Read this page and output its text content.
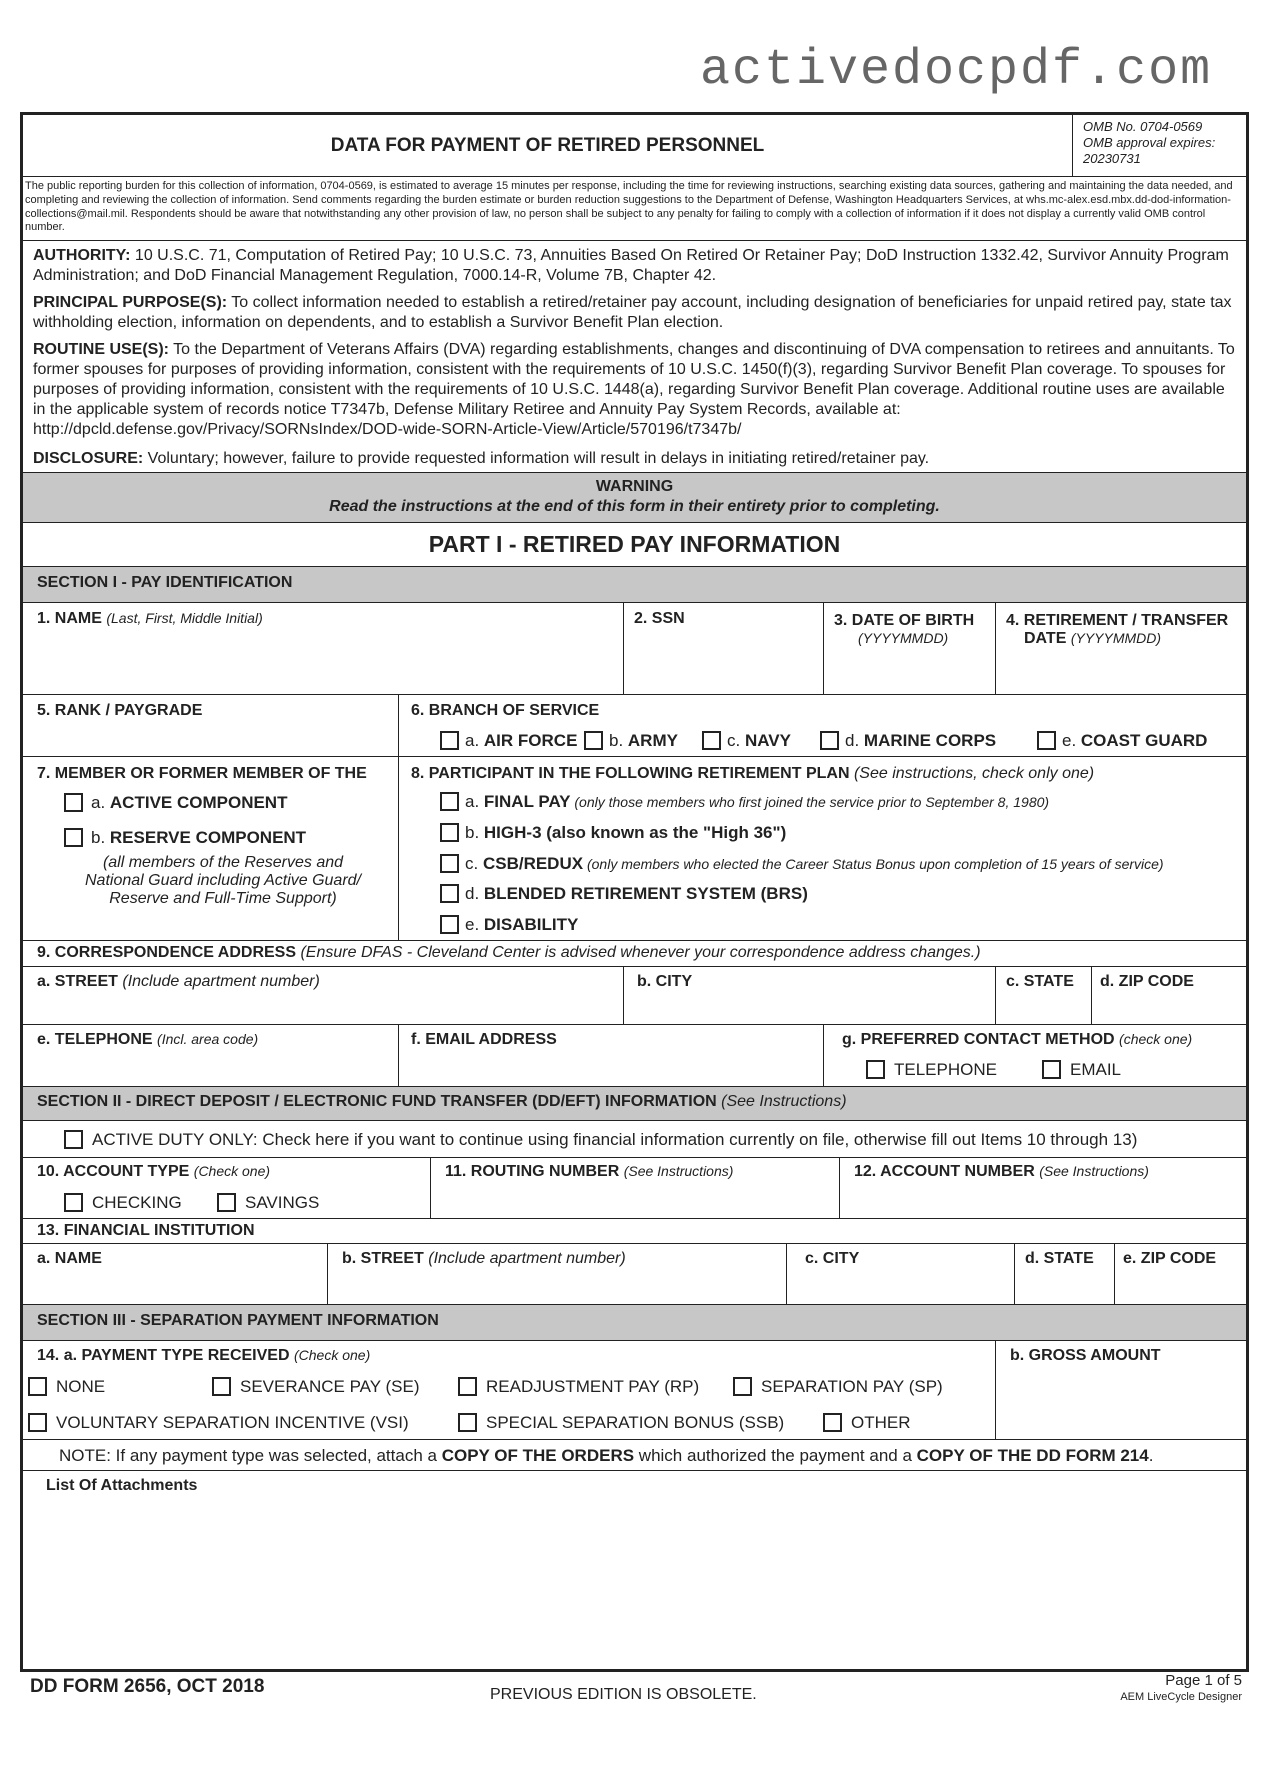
activedocpdf.com
DATA FOR PAYMENT OF RETIRED PERSONNEL
OMB No. 0704-0569
OMB approval expires:
20230731
The public reporting burden for this collection of information, 0704-0569, is estimated to average 15 minutes per response, including the time for reviewing instructions, searching existing data sources, gathering and maintaining the data needed, and completing and reviewing the collection of information. Send comments regarding the burden estimate or burden reduction suggestions to the Department of Defense, Washington Headquarters Services, at whs.mc-alex.esd.mbx.dd-dod-information-collections@mail.mil. Respondents should be aware that notwithstanding any other provision of law, no person shall be subject to any penalty for failing to comply with a collection of information if it does not display a currently valid OMB control number.
AUTHORITY: 10 U.S.C. 71, Computation of Retired Pay; 10 U.S.C. 73, Annuities Based On Retired Or Retainer Pay; DoD Instruction 1332.42, Survivor Annuity Program Administration; and DoD Financial Management Regulation, 7000.14-R, Volume 7B, Chapter 42.
PRINCIPAL PURPOSE(S): To collect information needed to establish a retired/retainer pay account, including designation of beneficiaries for unpaid retired pay, state tax withholding election, information on dependents, and to establish a Survivor Benefit Plan election.
ROUTINE USE(S): To the Department of Veterans Affairs (DVA) regarding establishments, changes and discontinuing of DVA compensation to retirees and annuitants. To former spouses for purposes of providing information, consistent with the requirements of 10 U.S.C. 1450(f)(3), regarding Survivor Benefit Plan coverage. To spouses for purposes of providing information, consistent with the requirements of 10 U.S.C. 1448(a), regarding Survivor Benefit Plan coverage. Additional routine uses are available in the applicable system of records notice T7347b, Defense Military Retiree and Annuity Pay System Records, available at: http://dpcld.defense.gov/Privacy/SORNsIndex/DOD-wide-SORN-Article-View/Article/570196/t7347b/
DISCLOSURE: Voluntary; however, failure to provide requested information will result in delays in initiating retired/retainer pay.
WARNING
Read the instructions at the end of this form in their entirety prior to completing.
PART I - RETIRED PAY INFORMATION
SECTION I - PAY IDENTIFICATION
1. NAME (Last, First, Middle Initial)	2. SSN	3. DATE OF BIRTH
(YYYYMMDD)
4. RETIREMENT / TRANSFER
DATE (YYYYMMDD)
5. RANK / PAYGRADE	6. BRANCH OF SERVICE
a. AIR FORCE b. ARMY	c. NAVY	d. MARINE CORPS	e. COAST GUARD
7. MEMBER OR FORMER MEMBER OF THE
a. ACTIVE COMPONENT
b. RESERVE COMPONENT
(all members of the Reserves and
National Guard including Active Guard/
Reserve and Full-Time Support)
8. PARTICIPANT IN THE FOLLOWING RETIREMENT PLAN (See instructions, check only one)
a. FINAL PAY (only those members who first joined the service prior to September 8, 1980)
b. HIGH-3 (also known as the "High 36")
c. CSB/REDUX (only members who elected the Career Status Bonus upon completion of 15 years of service)
d. BLENDED RETIREMENT SYSTEM (BRS)
e. DISABILITY
9. CORRESPONDENCE ADDRESS (Ensure DFAS - Cleveland Center is advised whenever your correspondence address changes.)
a. STREET (Include apartment number)	b. CITY	c. STATE d. ZIP CODE
e. TELEPHONE (Incl. area code)	f. EMAIL ADDRESS	g. PREFERRED CONTACT METHOD (check one)
TELEPHONE	EMAIL
SECTION II - DIRECT DEPOSIT / ELECTRONIC FUND TRANSFER (DD/EFT) INFORMATION (See Instructions)
ACTIVE DUTY ONLY: Check here if you want to continue using financial information currently on file, otherwise fill out Items 10 through 13)
10. ACCOUNT TYPE (Check one)
CHECKING	SAVINGS
11. ROUTING NUMBER (See Instructions)	12. ACCOUNT NUMBER (See Instructions)
13. FINANCIAL INSTITUTION
a. NAME	b. STREET (Include apartment number)	c. CITY	d. STATE e. ZIP CODE
SECTION III - SEPARATION PAYMENT INFORMATION
14. a. PAYMENT TYPE RECEIVED (Check one)
NONE	SEVERANCE PAY (SE)	READJUSTMENT PAY (RP)	SEPARATION PAY (SP)
VOLUNTARY SEPARATION INCENTIVE (VSI)	SPECIAL SEPARATION BONUS (SSB)	OTHER
b. GROSS AMOUNT
NOTE: If any payment type was selected, attach a COPY OF THE ORDERS which authorized the payment and a COPY OF THE DD FORM 214.
List Of Attachments
DD FORM 2656, OCT 2018	PREVIOUS EDITION IS OBSOLETE.
Page 1 of 5
AEM LiveCycle Designer
